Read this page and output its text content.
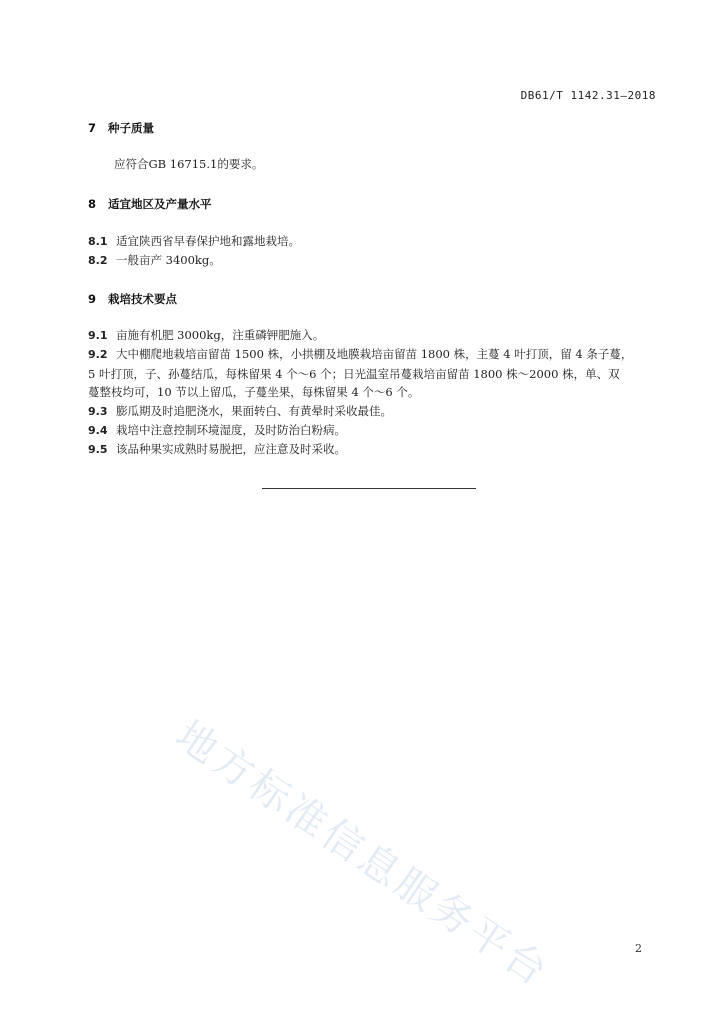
DB61/T 1142.31—2018
7 种子质量
应符合GB 16715.1的要求。
8 适宜地区及产量水平
8.1 适宜陕西省早春保护地和露地栽培。
8.2 一般亩产 3400kg。
9 栽培技术要点
9.1 亩施有机肥 3000kg，注重磷钾肥施入。
9.2 大中棚爬地栽培亩留苗 1500 株，小拱棚及地膜栽培亩留苗 1800 株，主蔓 4 叶打顶，留 4 条子蔓，
5 叶打顶，子、孙蔓结瓜，每株留果 4 个～6 个；日光温室吊蔓栽培亩留苗 1800 株～2000 株，单、双
蔓整枝均可，10 节以上留瓜，子蔓坐果，每株留果 4 个～6 个。
9.3 膨瓜期及时追肥浇水，果面转白、有黄晕时采收最佳。
9.4 栽培中注意控制环境湿度，及时防治白粉病。
9.5 该品种果实成熟时易脱把，应注意及时采收。
地方标准信息服务平台	2
